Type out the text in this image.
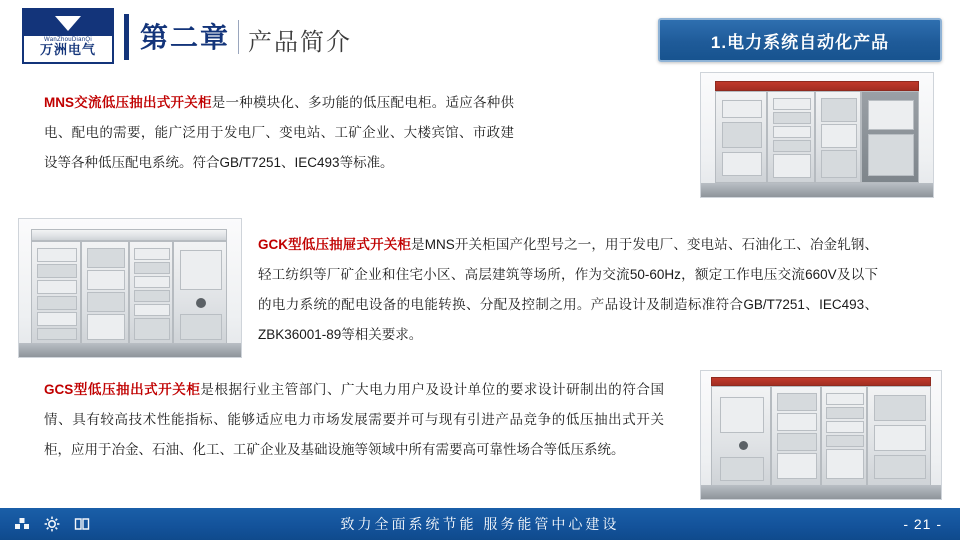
WanZhouDianQi
万洲电气 第二章 产品简介	1.电力系统自动化产品
MNS交流低压抽出式开关柜是一种模块化、多功能的低压配电柜。适应各种供电、配电的需要，能广泛用于发电厂、变电站、工矿企业、大楼宾馆、市政建设等各种低压配电系统。符合GB/T7251、IEC493等标准。
GCK型低压抽屉式开关柜是MNS开关柜国产化型号之一，用于发电厂、变电站、石油化工、冶金轧钢、轻工纺织等厂矿企业和住宅小区、高层建筑等场所，作为交流50-60Hz，额定工作电压交流660V及以下的电力系统的配电设备的电能转换、分配及控制之用。产品设计及制造标准符合GB/T7251、IEC493、ZBK36001-89等相关要求。
GCS型低压抽出式开关柜是根据行业主管部门、广大电力用户及设计单位的要求设计研制出的符合国情、具有较高技术性能指标、能够适应电力市场发展需要并可与现有引进产品竞争的低压抽出式开关柜，应用于冶金、石油、化工、工矿企业及基础设施等领域中所有需要高可靠性场合等低压系统。
致力全面系统节能 服务能管中心建设	- 21 -
